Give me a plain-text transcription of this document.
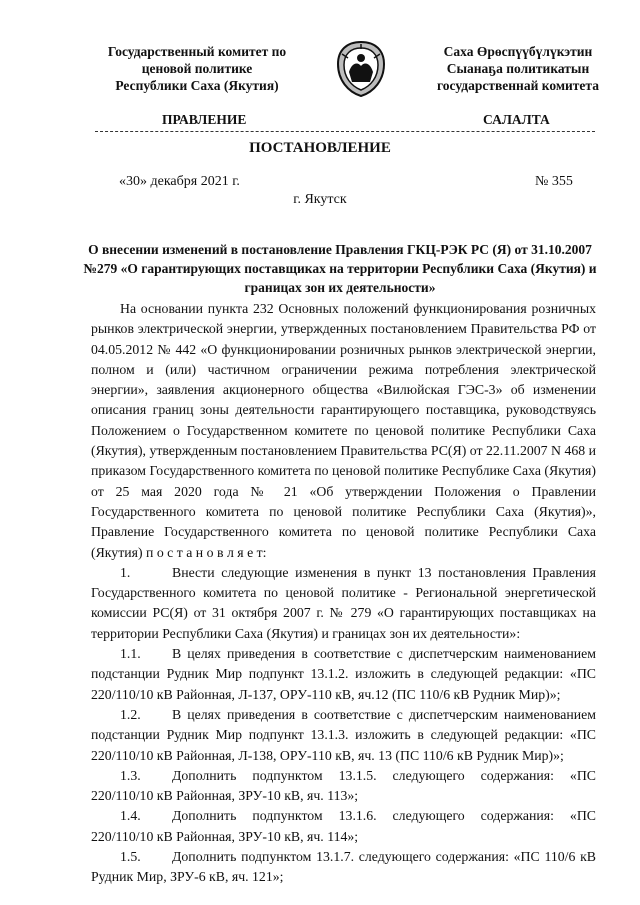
Государственный комитет по
ценовой политике
Республики Саха (Якутия)
Саха Өрөспүүбүлүкэтин
Сыанаҕа политикатын
государственнай комитета
ПРАВЛЕНИЕ	САЛАЛТА
ПОСТАНОВЛЕНИЕ
«30» декабря 2021 г.	№ 355
г. Якутск
О внесении изменений в постановление Правления ГКЦ-РЭК РС (Я) от 31.10.2007 №279 «О гарантирующих поставщиках на территории Республики Саха (Якутия) и границах зон их деятельности»

На основании пункта 232 Основных положений функционирования розничных рынков электрической энергии, утвержденных постановлением Правительства РФ от 04.05.2012 № 442 «О функционировании розничных рынков электрической энергии, полном и (или) частичном ограничении режима потребления электрической энергии», заявления акционерного общества «Вилюйская ГЭС-3» об изменении описания границ зоны деятельности гарантирующего поставщика, руководствуясь Положением о Государственном комитете по ценовой политике Республики Саха (Якутия), утвержденным постановлением Правительства РС(Я) от 22.11.2007 N 468 и приказом Государственного комитета по ценовой политике Республике Саха (Якутия) от 25 мая 2020 года № 21 «Об утверждении Положения о Правлении Государственного комитета по ценовой политике Республики Саха (Якутия)», Правление Государственного комитета по ценовой политике Республики Саха (Якутия) п о с т а н о в л я е т:

1.	Внести следующие изменения в пункт 13 постановления Правления Государственного комитета по ценовой политике - Региональной энергетической комиссии РС(Я) от 31 октября 2007 г. № 279 «О гарантирующих поставщиках на территории Республики Саха (Якутия) и границах зон их деятельности»:

1.1. В целях приведения в соответствие с диспетчерским наименованием подстанции Рудник Мир подпункт 13.1.2. изложить в следующей редакции: «ПС 220/110/10 кВ Районная, Л-137, ОРУ-110 кВ, яч.12 (ПС 110/6 кВ Рудник Мир)»;

1.2. В целях приведения в соответствие с диспетчерским наименованием подстанции Рудник Мир подпункт 13.1.3. изложить в следующей редакции: «ПС 220/110/10 кВ Районная, Л-138, ОРУ-110 кВ, яч. 13 (ПС 110/6 кВ Рудник Мир)»;

1.3. Дополнить подпунктом 13.1.5. следующего содержания: «ПС 220/110/10 кВ Районная, ЗРУ-10 кВ, яч. 113»;

1.4. Дополнить подпунктом 13.1.6. следующего содержания: «ПС 220/110/10 кВ Районная, ЗРУ-10 кВ, яч. 114»;

1.5. Дополнить подпунктом 13.1.7. следующего содержания: «ПС 110/6 кВ Рудник Мир, ЗРУ-6 кВ, яч. 121»;
